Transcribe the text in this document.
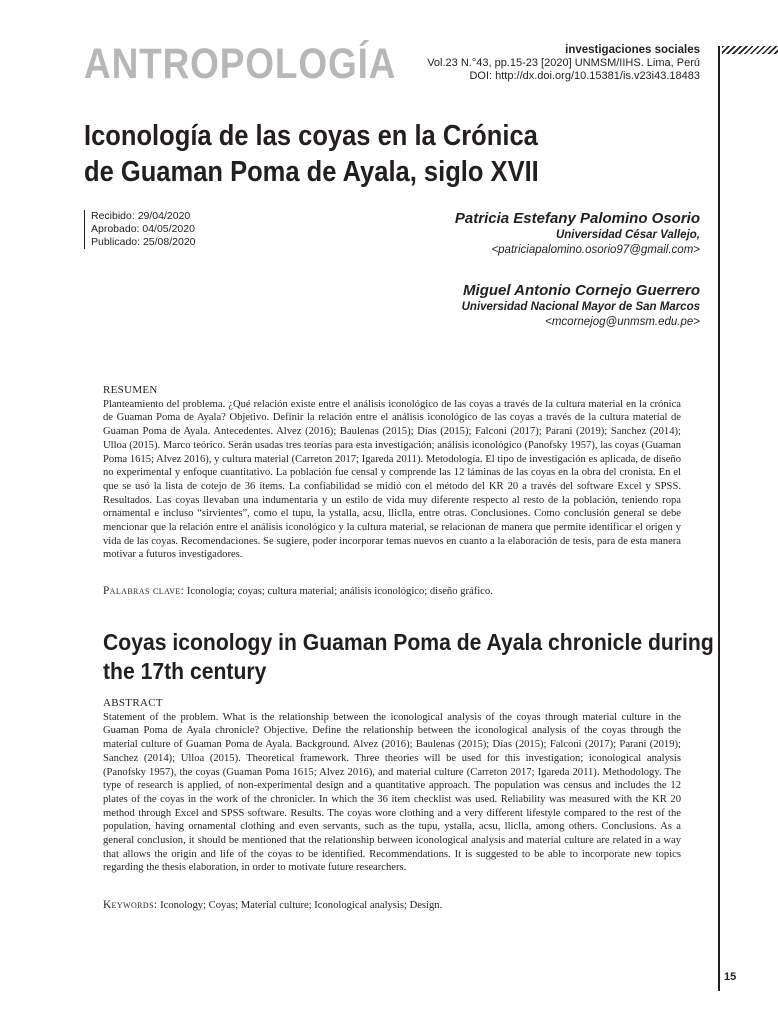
ANTROPOLOGÍA	investigaciones sociales
Vol.23 N.°43, pp.15-23 [2020] UNMSM/IIHS. Lima, Perú
DOI: http://dx.doi.org/10.15381/is.v23i43.18483
Iconología de las coyas en la Crónica
de Guaman Poma de Ayala, siglo XVII
Recibido: 29/04/2020
Aprobado: 04/05/2020
Publicado: 25/08/2020
Patricia Estefany Palomino Osorio
Universidad César Vallejo,
<patriciapalomino.osorio97@gmail.com>
Miguel Antonio Cornejo Guerrero
Universidad Nacional Mayor de San Marcos
<mcornejog@unmsm.edu.pe>
RESUMEN

Planteamiento del problema. ¿Qué relación existe entre el análisis iconológico de las coyas a través de la cultura material en la crónica de Guaman Poma de Ayala? Objetivo. Definir la relación entre el análisis iconológico de las coyas a través de la cultura material de Guaman Poma de Ayala. Antecedentes. Alvez (2016); Baulenas (2015); Días (2015); Falconi (2017); Parani (2019); Sanchez (2014); Ulloa (2015). Marco teórico. Serán usadas tres teorías para esta investigación; análisis iconológico (Panofsky 1957), las coyas (Guaman Poma 1615; Alvez 2016), y cultura material (Carreton 2017; Igareda 2011). Metodología. El tipo de investigación es aplicada, de diseño no experimental y enfoque cuantitativo. La población fue censal y comprende las 12 láminas de las coyas en la obra del cronista. En el que se usó la lista de cotejo de 36 ítems. La confiabilidad se midió con el método del KR 20 a través del software Excel y SPSS. Resultados. Las coyas llevaban una indumentaria y un estilo de vida muy diferente respecto al resto de la población, teniendo ropa ornamental e incluso “sirvientes”, como el tupu, la ystalla, acsu, lliclla, entre otras. Conclusiones. Como conclusión general se debe mencionar que la relación entre el análisis iconológico y la cultura material, se relacionan de manera que permite identificar el origen y vida de las coyas. Recomendaciones. Se sugiere, poder incorporar temas nuevos en cuanto a la elaboración de tesis, para de esta manera motivar a futuros investigadores.

Palabras clave: Iconología; coyas; cultura material; análisis iconológico; diseño gráfico.
Coyas iconology in Guaman Poma de Ayala chronicle during
the 17th century
ABSTRACT

Statement of the problem. What is the relationship between the iconological analysis of the coyas through material culture in the Guaman Poma de Ayala chronicle? Objective. Define the relationship between the iconological analysis of the coyas through the material culture of Guaman Poma de Ayala. Background. Alvez (2016); Baulenas (2015); Días (2015); Falconi (2017); Parani (2019); Sanchez (2014); Ulloa (2015). Theoretical framework. Three theories will be used for this investigation; iconological analysis (Panofsky 1957), the coyas (Guaman Poma 1615; Alvez 2016), and material culture (Carreton 2017; Igareda 2011). Methodology. The type of research is applied, of non-experimental design and a quantitative approach. The population was census and includes the 12 plates of the coyas in the work of the chronicler. In which the 36 item checklist was used. Reliability was measured with the KR 20 method through Excel and SPSS software. Results. The coyas wore clothing and a very different lifestyle compared to the rest of the population, having ornamental clothing and even servants, such as the tupu, ystalla, acsu, lliclla, among others. Conclusions. As a general conclusion, it should be mentioned that the relationship between iconological analysis and material culture are related in a way that allows the origin and life of the coyas to be identified. Recommendations. It is suggested to be able to incorporate new topics regarding the thesis elaboration, in order to motivate future researchers.

Keywords: Iconology; Coyas; Material culture; Iconological analysis; Design.
15
